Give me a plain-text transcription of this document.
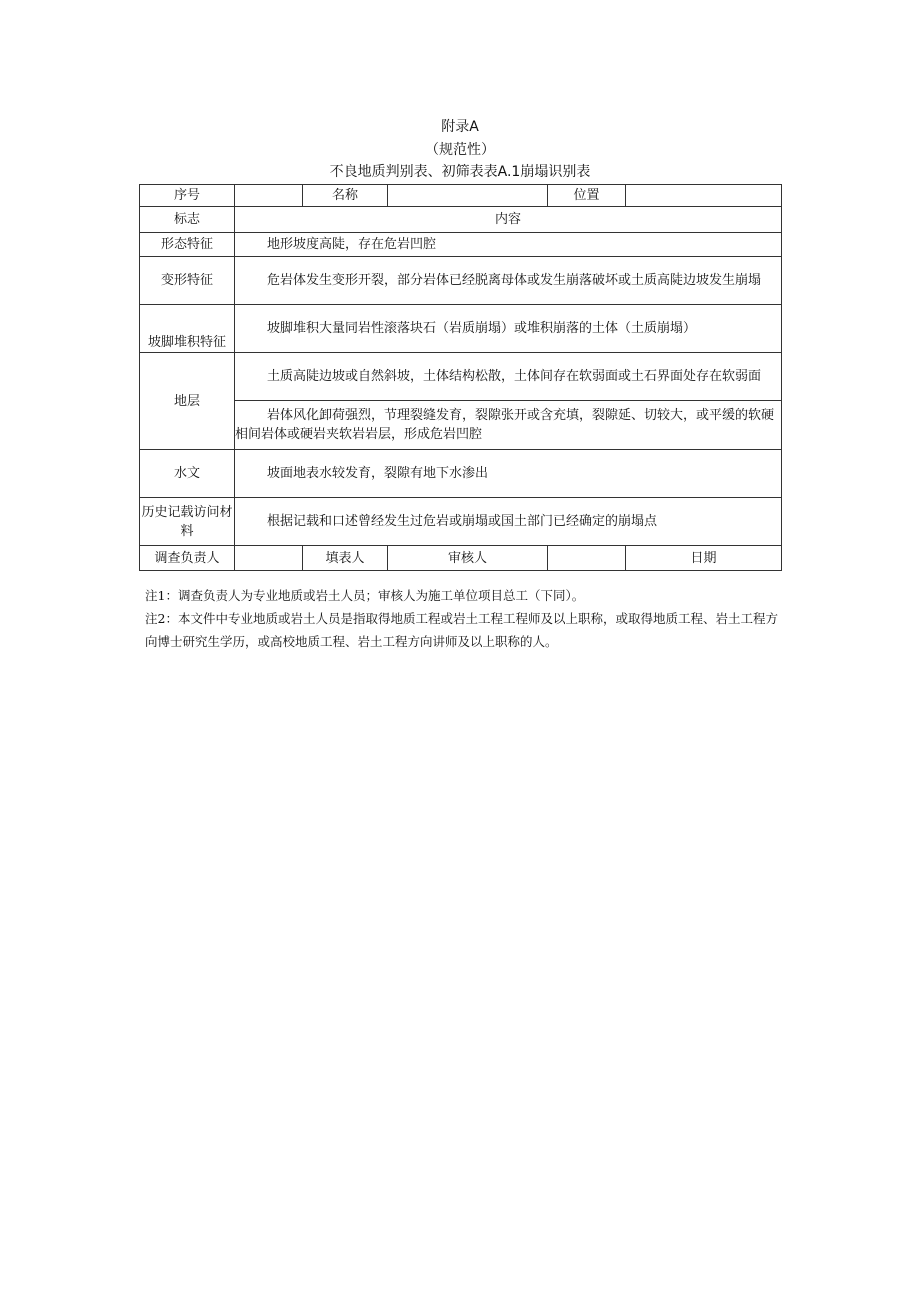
附录A
（规范性）
不良地质判别表、初筛表表A.1崩塌识别表
序号		名称		位置	
标志	内容				
形态特征	地形坡度高陡，存在危岩凹腔				
变形特征	危岩体发生变形开裂，部分岩体已经脱离母体或发生崩落破坏或土质高陡边坡发生崩塌				
坡脚堆积特征	坡脚堆积大量同岩性滚落块石（岩质崩塌）或堆积崩落的土体（土质崩塌）				
地层	土质高陡边坡或自然斜坡，土体结构松散，土体间存在软弱面或土石界面处存在软弱面				
	岩体风化卸荷强烈，节理裂缝发育，裂隙张开或含充填，裂隙延、切较大，或平缓的软硬相间岩体或硬岩夹软岩岩层，形成危岩凹腔				
水文	坡面地表水较发育，裂隙有地下水渗出				
历史记载访问材料	根据记载和口述曾经发生过危岩或崩塌或国土部门已经确定的崩塌点				
调查负责人		填表人	审核人		日期

注1：调查负责人为专业地质或岩土人员；审核人为施工单位项目总工（下同）。

注2：本文件中专业地质或岩土人员是指取得地质工程或岩土工程工程师及以上职称，或取得地质工程、岩土工程方向博士研究生学历，或高校地质工程、岩土工程方向讲师及以上职称的人。
